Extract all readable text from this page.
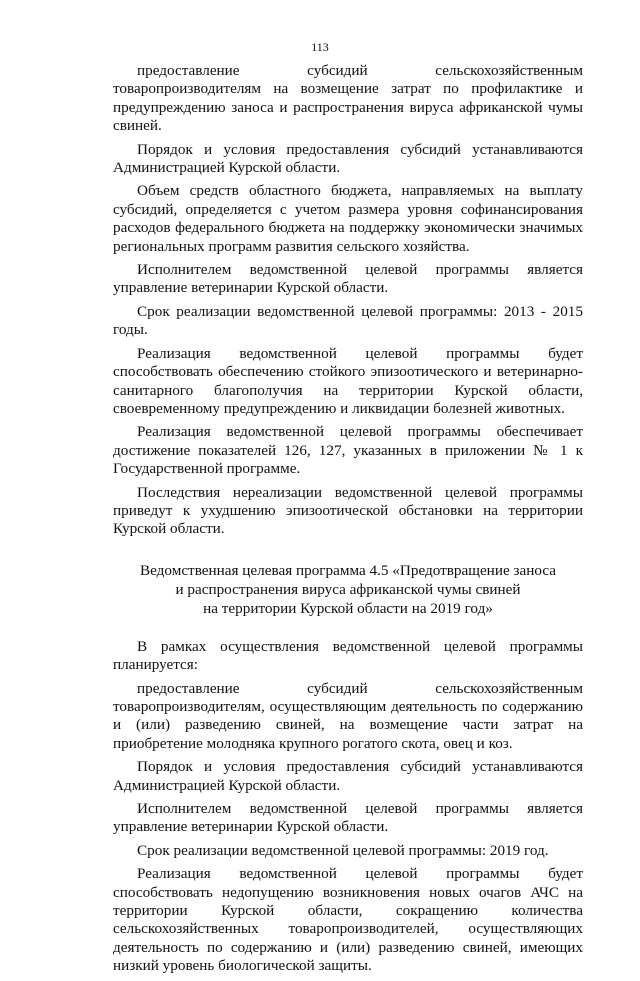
113

предоставление субсидий сельскохозяйственным товаропроизводителям на возмещение затрат по профилактике и предупреждению заноса и распространения вируса африканской чумы свиней.

Порядок и условия предоставления субсидий устанавливаются Администрацией Курской области.

Объем средств областного бюджета, направляемых на выплату субсидий, определяется с учетом размера уровня софинансирования расходов федерального бюджета на поддержку экономически значимых региональных программ развития сельского хозяйства.

Исполнителем ведомственной целевой программы является управление ветеринарии Курской области.

Срок реализации ведомственной целевой программы: 2013 - 2015 годы.

Реализация ведомственной целевой программы будет способствовать обеспечению стойкого эпизоотического и ветеринарно-санитарного благополучия на территории Курской области, своевременному предупреждению и ликвидации болезней животных.

Реализация ведомственной целевой программы обеспечивает достижение показателей 126, 127, указанных в приложении № 1 к Государственной программе.

Последствия нереализации ведомственной целевой программы приведут к ухудшению эпизоотической обстановки на территории Курской области.

Ведомственная целевая программа 4.5 «Предотвращение заноса
и распространения вируса африканской чумы свиней
на территории Курской области на 2019 год»

В рамках осуществления ведомственной целевой программы планируется:

предоставление субсидий сельскохозяйственным товаропроизводителям, осуществляющим деятельность по содержанию и (или) разведению свиней, на возмещение части затрат на приобретение молодняка крупного рогатого скота, овец и коз.

Порядок и условия предоставления субсидий устанавливаются Администрацией Курской области.

Исполнителем ведомственной целевой программы является управление ветеринарии Курской области.

Срок реализации ведомственной целевой программы: 2019 год.

Реализация ведомственной целевой программы будет способствовать недопущению возникновения новых очагов АЧС на территории Курской области, сокращению количества сельскохозяйственных товаропроизводителей, осуществляющих деятельность по содержанию и (или) разведению свиней, имеющих низкий уровень биологической защиты.
